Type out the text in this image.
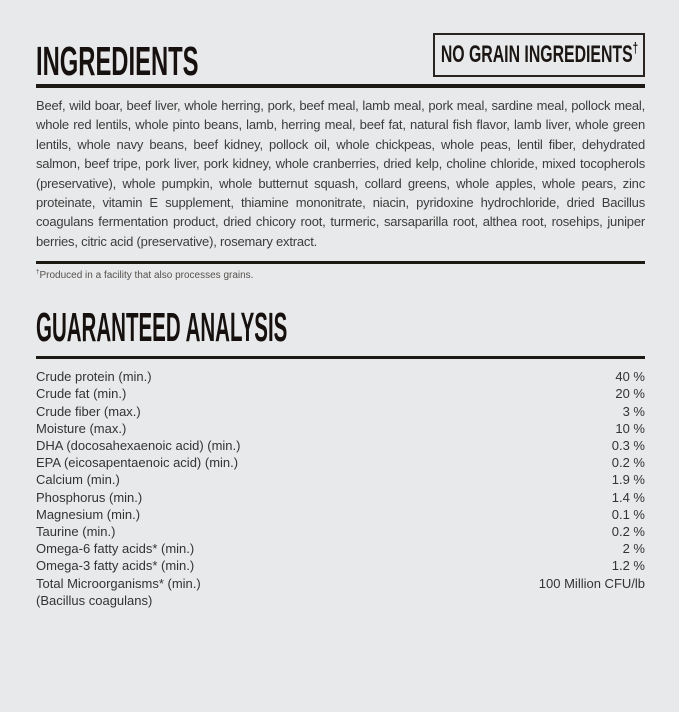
INGREDIENTS	NO GRAIN INGREDIENTS†

Beef, wild boar, beef liver, whole herring, pork, beef meal, lamb meal, pork meal, sardine meal, pollock meal, whole red lentils, whole pinto beans, lamb, herring meal, beef fat, natural fish flavor, lamb liver, whole green lentils, whole navy beans, beef kidney, pollock oil, whole chickpeas, whole peas, lentil fiber, dehydrated salmon, beef tripe, pork liver, pork kidney, whole cranberries, dried kelp, choline chloride, mixed tocopherols (preservative), whole pumpkin, whole butternut squash, collard greens, whole apples, whole pears, zinc proteinate, vitamin E supplement, thiamine mononitrate, niacin, pyridoxine hydrochloride, dried Bacillus coagulans fermentation product, dried chicory root, turmeric, sarsaparilla root, althea root, rosehips, juniper berries, citric acid (preservative), rosemary extract.

†Produced in a facility that also processes grains.
GUARANTEED ANALYSIS
Crude protein (min.)	40 %
Crude fat (min.)	20 %
Crude fiber (max.)	3 %
Moisture (max.)	10 %
DHA (docosahexaenoic acid) (min.)	0.3 %
EPA (eicosapentaenoic acid) (min.)	0.2 %
Calcium (min.)	1.9 %
Phosphorus (min.)	1.4 %
Magnesium (min.)	0.1 %
Taurine (min.)	0.2 %
Omega-6 fatty acids* (min.)	2 %
Omega-3 fatty acids* (min.)	1.2 %
Total Microorganisms* (min.)	100 Million CFU/lb
(Bacillus coagulans)
